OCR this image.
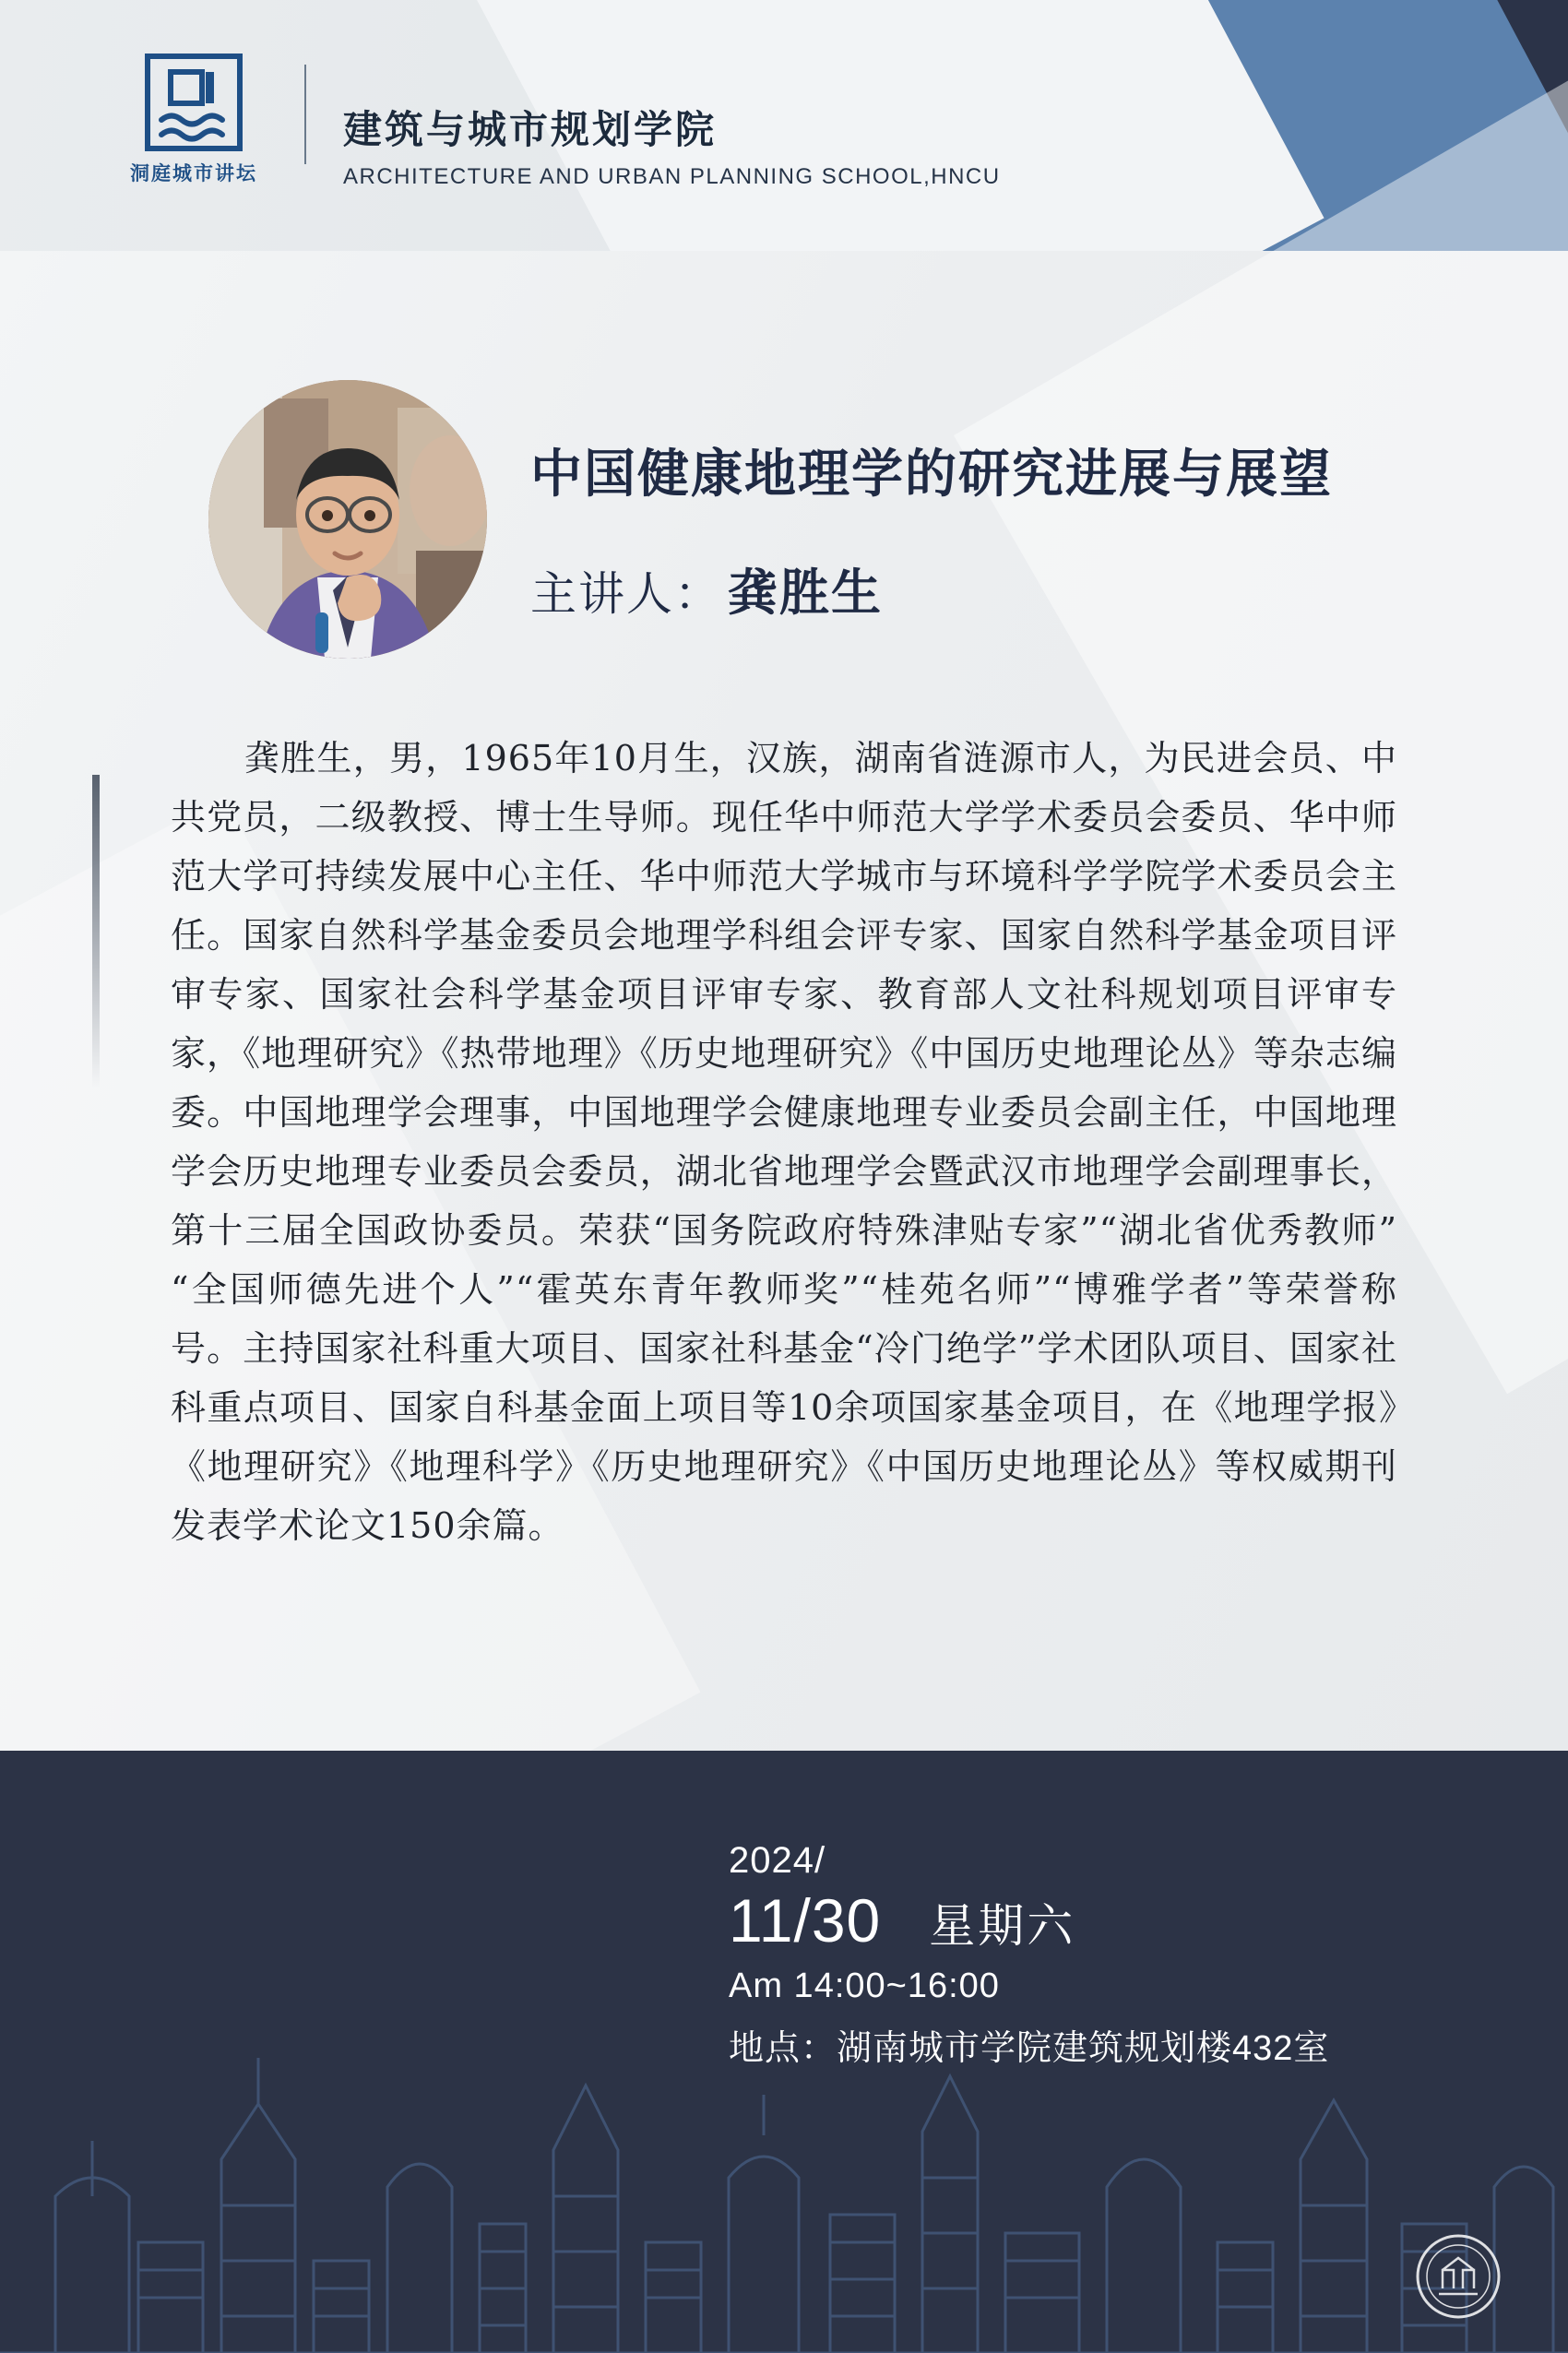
洞庭城市讲坛
建筑与城市规划学院
ARCHITECTURE AND URBAN PLANNING SCHOOL,HNCU
中国健康地理学的研究进展与展望
主讲人： 龚胜生
龚胜生，男，1965年10月生，汉族，湖南省涟源市人，为民进会员、中共党员，二级教授、博士生导师。现任华中师范大学学术委员会委员、华中师范大学可持续发展中心主任、华中师范大学城市与环境科学学院学术委员会主任。国家自然科学基金委员会地理学科组会评专家、国家自然科学基金项目评审专家、国家社会科学基金项目评审专家、教育部人文社科规划项目评审专家，《地理研究》《热带地理》《历史地理研究》《中国历史地理论丛》等杂志编委。中国地理学会理事，中国地理学会健康地理专业委员会副主任，中国地理学会历史地理专业委员会委员，湖北省地理学会暨武汉市地理学会副理事长，第十三届全国政协委员。荣获“国务院政府特殊津贴专家”“湖北省优秀教师”“全国师德先进个人”“霍英东青年教师奖”“桂苑名师”“博雅学者”等荣誉称号。主持国家社科重大项目、国家社科基金“冷门绝学”学术团队项目、国家社科重点项目、国家自科基金面上项目等10余项国家基金项目，在《地理学报》《地理研究》《地理科学》《历史地理研究》《中国历史地理论丛》等权威期刊发表学术论文150余篇。
2024/
11/30 星期六
Am 14:00~16:00
地点：湖南城市学院建筑规划楼432室
